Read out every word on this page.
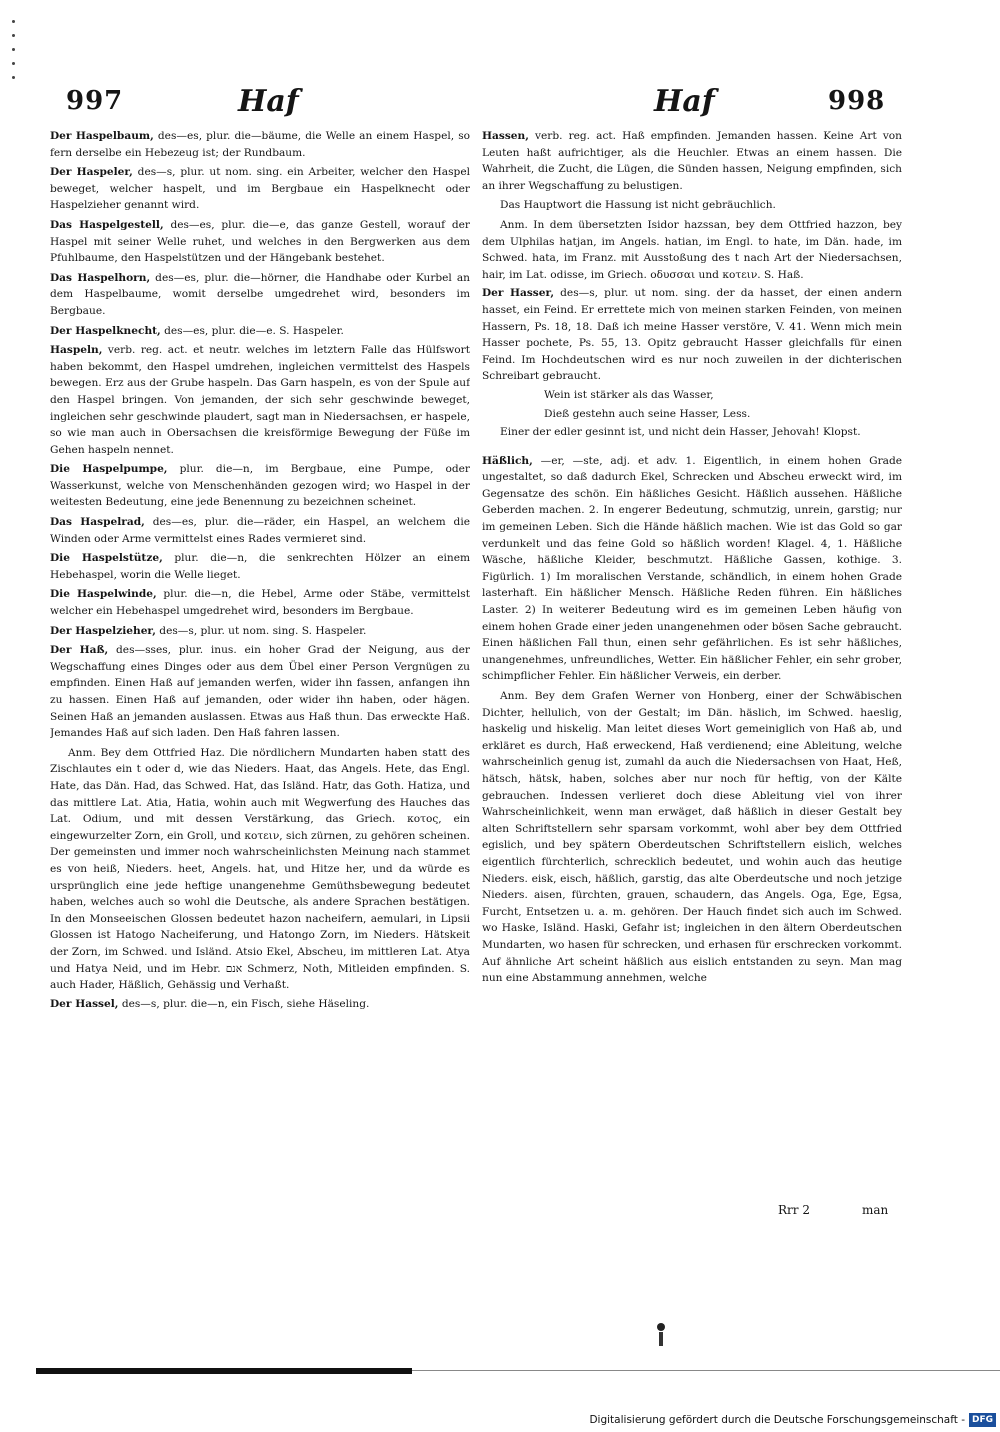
997	Haf	Haf	998

Der Haspelbaum, des—es, plur. die—bäume, die Welle an einem Haspel, so fern derselbe ein Hebezeug ist; der Rundbaum.

Der Haspeler, des—s, plur. ut nom. sing. ein Arbeiter, welcher den Haspel beweget, welcher haspelt, und im Bergbaue ein Haspelknecht oder Haspelzieher genannt wird.

Das Haspelgestell, des—es, plur. die—e, das ganze Gestell, worauf der Haspel mit seiner Welle ruhet, und welches in den Bergwerken aus dem Pfuhlbaume, den Haspelstützen und der Hängebank bestehet.

Das Haspelhorn, des—es, plur. die—hörner, die Handhabe oder Kurbel an dem Haspelbaume, womit derselbe umgedrehet wird, besonders im Bergbaue.

Der Haspelknecht, des—es, plur. die—e. S. Haspeler.

Haspeln, verb. reg. act. et neutr. welches im letztern Falle das Hülfswort haben bekommt, den Haspel umdrehen, ingleichen vermittelst des Haspels bewegen. Erz aus der Grube haspeln. Das Garn haspeln, es von der Spule auf den Haspel bringen. Von jemanden, der sich sehr geschwinde beweget, ingleichen sehr geschwinde plaudert, sagt man in Niedersachsen, er haspele, so wie man auch in Obersachsen die kreisförmige Bewegung der Füße im Gehen haspeln nennet.

Die Haspelpumpe, plur. die—n, im Bergbaue, eine Pumpe, oder Wasserkunst, welche von Menschenhänden gezogen wird; wo Haspel in der weitesten Bedeutung, eine jede Benennung zu bezeichnen scheinet.

Das Haspelrad, des—es, plur. die—räder, ein Haspel, an welchem die Winden oder Arme vermittelst eines Rades vermieret sind.

Die Haspelstütze, plur. die—n, die senkrechten Hölzer an einem Hebehaspel, worin die Welle lieget.

Die Haspelwinde, plur. die—n, die Hebel, Arme oder Stäbe, vermittelst welcher ein Hebehaspel umgedrehet wird, besonders im Bergbaue.

Der Haspelzieher, des—s, plur. ut nom. sing. S. Haspeler.

Der Haß, des—sses, plur. inus. ein hoher Grad der Neigung, aus der Wegschaffung eines Dinges oder aus dem Übel einer Person Vergnügen zu empfinden. Einen Haß auf jemanden werfen, wider ihn fassen, anfangen ihn zu hassen. Einen Haß auf jemanden, oder wider ihn haben, oder hägen. Seinen Haß an jemanden auslassen. Etwas aus Haß thun. Das erweckte Haß. Jemandes Haß auf sich laden. Den Haß fahren lassen.

Anm. Bey dem Ottfried Haz. Die nördlichern Mundarten haben statt des Zischlautes ein t oder d, wie das Nieders. Haat, das Angels. Hete, das Engl. Hate, das Dän. Had, das Schwed. Hat, das Isländ. Hatr, das Goth. Hatiza, und das mittlere Lat. Atia, Hatia, wohin auch mit Wegwerfung des Hauches das Lat. Odium, und mit dessen Verstärkung, das Griech. κοτος, ein eingewurzelter Zorn, ein Groll, und κοτειν, sich zürnen, zu gehören scheinen. Der gemeinsten und immer noch wahrscheinlichsten Meinung nach stammet es von heiß, Nieders. heet, Angels. hat, und Hitze her, und da würde es ursprünglich eine jede heftige unangenehme Gemüthsbewegung bedeutet haben, welches auch so wohl die Deutsche, als andere Sprachen bestätigen. In den Monseeischen Glossen bedeutet hazon nacheifern, aemulari, in Lipsii Glossen ist Hatogo Nacheiferung, und Hatongo Zorn, im Nieders. Hätskeit der Zorn, im Schwed. und Isländ. Atsio Ekel, Abscheu, im mittleren Lat. Atya und Hatya Neid, und im Hebr. אנם Schmerz, Noth, Mitleiden empfinden. S. auch Hader, Häßlich, Gehässig und Verhaßt.

Der Hassel, des—s, plur. die—n, ein Fisch, siehe Häseling.

Hassen, verb. reg. act. Haß empfinden. Jemanden hassen. Keine Art von Leuten haßt aufrichtiger, als die Heuchler. Etwas an einem hassen. Die Wahrheit, die Zucht, die Lügen, die Sünden hassen, Neigung empfinden, sich an ihrer Wegschaffung zu belustigen.

Das Hauptwort die Hassung ist nicht gebräuchlich.

Anm. In dem übersetzten Isidor hazssan, bey dem Ottfried hazzon, bey dem Ulphilas hatjan, im Angels. hatian, im Engl. to hate, im Dän. hade, im Schwed. hata, im Franz. mit Ausstoßung des t nach Art der Niedersachsen, hair, im Lat. odisse, im Griech. οδυσσαι und κοτειν. S. Haß.

Der Hasser, des—s, plur. ut nom. sing. der da hasset, der einen andern hasset, ein Feind. Er errettete mich von meinen starken Feinden, von meinen Hassern, Ps. 18, 18. Daß ich meine Hasser verstöre, V. 41. Wenn mich mein Hasser pochete, Ps. 55, 13. Opitz gebraucht Hasser gleichfalls für einen Feind. Im Hochdeutschen wird es nur noch zuweilen in der dichterischen Schreibart gebraucht.

Wein ist stärker als das Wasser,

Dieß gestehn auch seine Hasser, Less.

Einer der edler gesinnt ist, und nicht dein Hasser, Jehovah! Klopst.

Häßlich, —er, —ste, adj. et adv. 1. Eigentlich, in einem hohen Grade ungestaltet, so daß dadurch Ekel, Schrecken und Abscheu erweckt wird, im Gegensatze des schön. Ein häßliches Gesicht. Häßlich aussehen. Häßliche Geberden machen. 2. In engerer Bedeutung, schmutzig, unrein, garstig; nur im gemeinen Leben. Sich die Hände häßlich machen. Wie ist das Gold so gar verdunkelt und das feine Gold so häßlich worden! Klagel. 4, 1. Häßliche Wäsche, häßliche Kleider, beschmutzt. Häßliche Gassen, kothige. 3. Figürlich. 1) Im moralischen Verstande, schändlich, in einem hohen Grade lasterhaft. Ein häßlicher Mensch. Häßliche Reden führen. Ein häßliches Laster. 2) In weiterer Bedeutung wird es im gemeinen Leben häufig von einem hohen Grade einer jeden unangenehmen oder bösen Sache gebraucht. Einen häßlichen Fall thun, einen sehr gefährlichen. Es ist sehr häßliches, unangenehmes, unfreundliches, Wetter. Ein häßlicher Fehler, ein sehr grober, schimpflicher Fehler. Ein häßlicher Verweis, ein derber.

Anm. Bey dem Grafen Werner von Honberg, einer der Schwäbischen Dichter, hellulich, von der Gestalt; im Dän. häslich, im Schwed. haeslig, haskelig und hiskelig. Man leitet dieses Wort gemeiniglich von Haß ab, und erkläret es durch, Haß erweckend, Haß verdienend; eine Ableitung, welche wahrscheinlich genug ist, zumahl da auch die Niedersachsen von Haat, Heß, hätsch, hätsk, haben, solches aber nur noch für heftig, von der Kälte gebrauchen. Indessen verlieret doch diese Ableitung viel von ihrer Wahrscheinlichkeit, wenn man erwäget, daß häßlich in dieser Gestalt bey alten Schriftstellern sehr sparsam vorkommt, wohl aber bey dem Ottfried egislich, und bey spätern Oberdeutschen Schriftstellern eislich, welches eigentlich fürchterlich, schrecklich bedeutet, und wohin auch das heutige Nieders. eisk, eisch, häßlich, garstig, das alte Oberdeutsche und noch jetzige Nieders. aisen, fürchten, grauen, schaudern, das Angels. Oga, Ege, Egsa, Furcht, Entsetzen u. a. m. gehören. Der Hauch findet sich auch im Schwed. wo Haske, Isländ. Haski, Gefahr ist; ingleichen in den ältern Oberdeutschen Mundarten, wo hasen für schrecken, und erhasen für erschrecken vorkommt. Auf ähnliche Art scheint häßlich aus eislich entstanden zu seyn. Man mag nun eine Abstammung annehmen, welche

Rrr 2	man
Digitalisierung gefördert durch die Deutsche Forschungsgemeinschaft - DFG
